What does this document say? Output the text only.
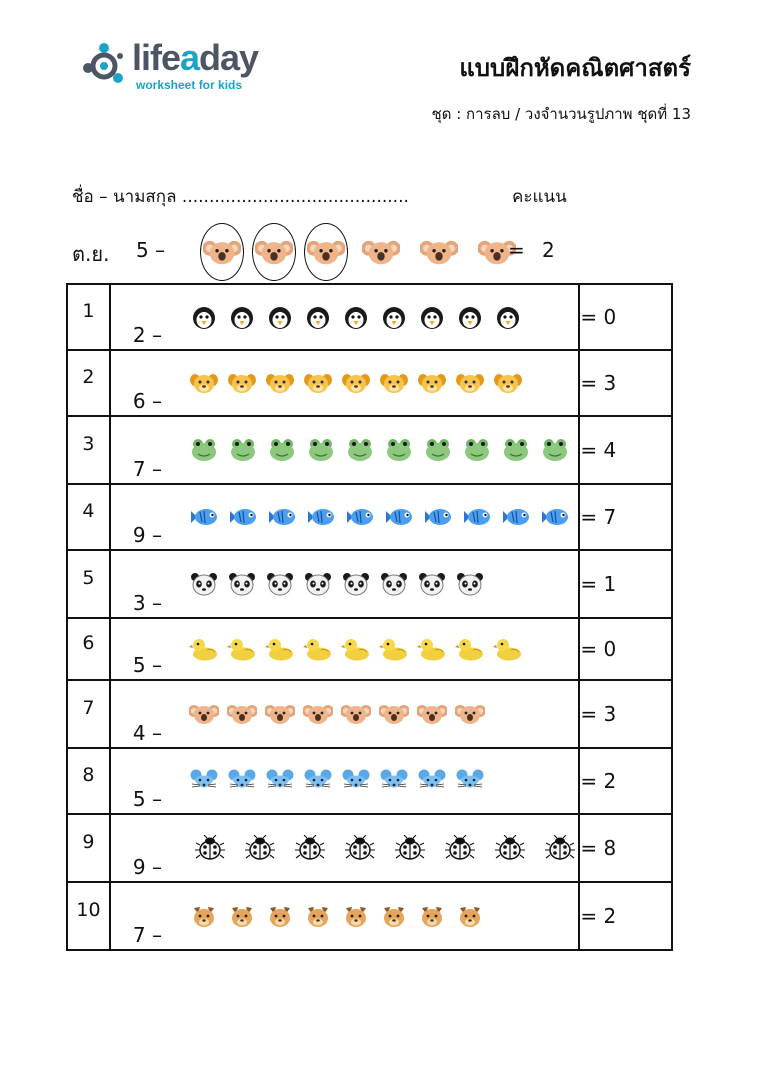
lifeaday
worksheet for kids
แบบฝึกหัดคณิตศาสตร์
ชุด : การลบ / วงจำนวนรูปภาพ ชุดที่ 13
ชื่อ – นามสกุล ..........................................	คะแนน
ต.ย. 5 –	= 2
1	2 –	= 0
2	6 –	= 3
3	7 –	= 4
4	9 –	= 7
5	3 –	= 1
6	5 –	= 0
7	4 –	= 3
8	5 –	= 2
9	9 –	= 8
10	7 –	= 2
